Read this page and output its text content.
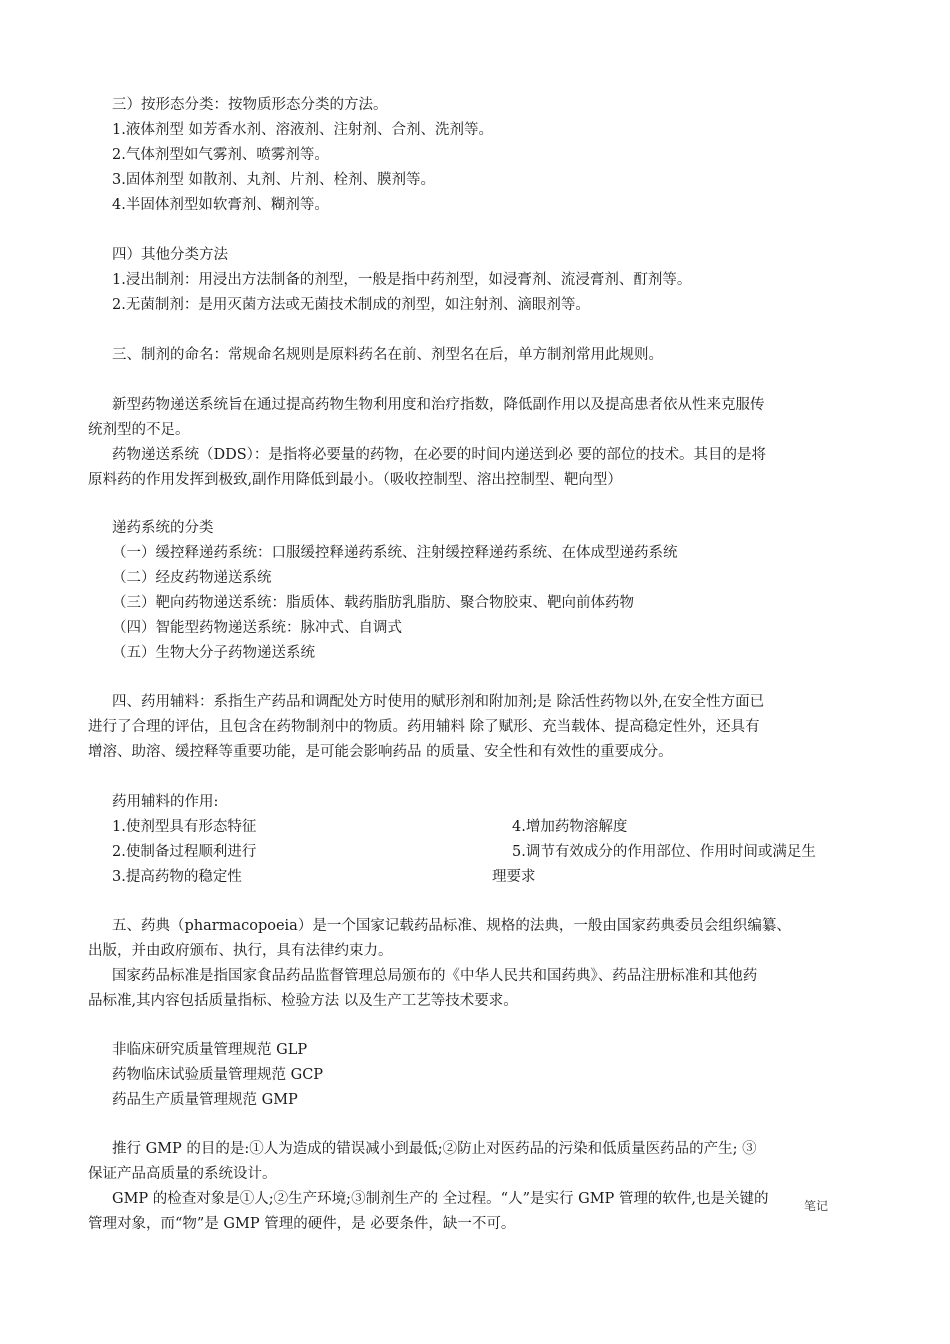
三）按形态分类：按物质形态分类的方法。
1.液体剂型 如芳香水剂、溶液剂、注射剂、合剂、洗剂等。
2.气体剂型如气雾剂、喷雾剂等。
3.固体剂型 如散剂、丸剂、片剂、栓剂、膜剂等。
4.半固体剂型如软膏剂、糊剂等。
四）其他分类方法
1.浸出制剂：用浸出方法制备的剂型，一般是指中药剂型，如浸膏剂、流浸膏剂、酊剂等。
2.无菌制剂：是用灭菌方法或无菌技术制成的剂型，如注射剂、滴眼剂等。
三、制剂的命名：常规命名规则是原料药名在前、剂型名在后，单方制剂常用此规则。
新型药物递送系统旨在通过提高药物生物利用度和治疗指数，降低副作用以及提高患者依从性来克服传
统剂型的不足。
药物递送系统（DDS）：是指将必要量的药物，在必要的时间内递送到必 要的部位的技术。其目的是将
原料药的作用发挥到极致,副作用降低到最小。（吸收控制型、溶出控制型、靶向型）
递药系统的分类
（一）缓控释递药系统：口服缓控释递药系统、注射缓控释递药系统、在体成型递药系统
（二）经皮药物递送系统
（三）靶向药物递送系统：脂质体、载药脂肪乳脂肪、聚合物胶束、靶向前体药物
（四）智能型药物递送系统：脉冲式、自调式
（五）生物大分子药物递送系统
四、药用辅料：系指生产药品和调配处方时使用的赋形剂和附加剂;是 除活性药物以外,在安全性方面已
进行了合理的评估，且包含在药物制剂中的物质。药用辅料 除了赋形、充当载体、提高稳定性外，还具有
增溶、助溶、缓控释等重要功能，是可能会影响药品 的质量、安全性和有效性的重要成分。
药用辅料的作用:
1.使剂型具有形态特征	4.增加药物溶解度
2.使制备过程顺利进行	5.调节有效成分的作用部位、作用时间或满足生
3.提高药物的稳定性	理要求
五、药典（pharmacopoeia）是一个国家记载药品标准、规格的法典，一般由国家药典委员会组织编纂、
出版，并由政府颁布、执行，具有法律约束力。
国家药品标准是指国家食品药品监督管理总局颁布的《中华人民共和国药典》、药品注册标准和其他药
品标准,其内容包括质量指标、检验方法 以及生产工艺等技术要求。
非临床研究质量管理规范 GLP
药物临床试验质量管理规范 GCP
药品生产质量管理规范 GMP
推行 GMP 的目的是:①人为造成的错误减小到最低;②防止对医药品的污染和低质量医药品的产生; ③
保证产品高质量的系统设计。
GMP 的检查对象是①人;②生产环境;③制剂生产的 全过程。“人”是实行 GMP 管理的软件,也是关键的
管理对象，而“物”是 GMP 管理的硬件，是 必要条件，缺一不可。
笔记
